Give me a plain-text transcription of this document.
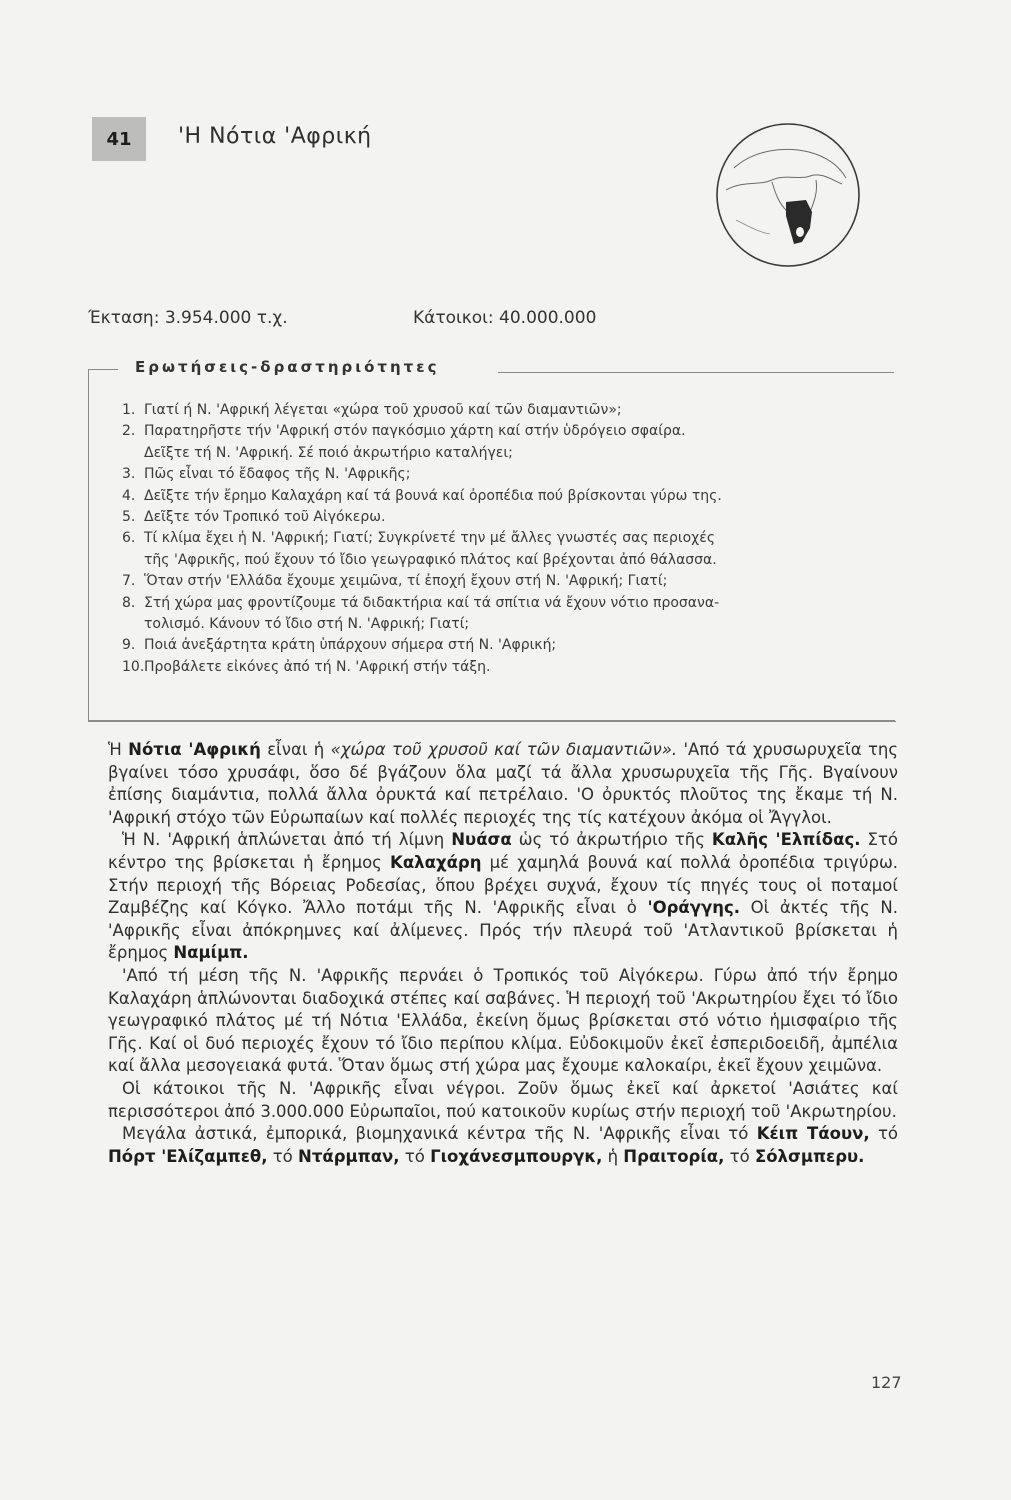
41	'Η Νότια 'Αφρική
Έκταση: 3.954.000 τ.χ.	Κάτοικοι: 40.000.000
Ερωτήσεις-δραστηριότητες
1. Γιατί ή Ν. 'Αφρική λέγεται «χώρα τοῦ χρυσοῦ καί τῶν διαμαντιῶν»;
2. Παρατηρῆστε τήν 'Αφρική στόν παγκόσμιο χάρτη καί στήν ὑδρόγειο σφαίρα.
Δεῖξτε τή Ν. 'Αφρική. Σέ ποιό ἀκρωτήριο καταλήγει;
3. Πῶς εἶναι τό ἔδαφος τῆς Ν. 'Αφρικῆς;
4. Δεῖξτε τήν ἔρημο Καλαχάρη καί τά βουνά καί ὀροπέδια πού βρίσκονται γύρω της.
5. Δεῖξτε τόν Τροπικό τοῦ Αἰγόκερω.
6. Τί κλίμα ἔχει ἡ Ν. 'Αφρική; Γιατί; Συγκρίνετέ την μέ ἄλλες γνωστές σας περιοχές
τῆς 'Αφρικῆς, πού ἔχουν τό ἴδιο γεωγραφικό πλάτος καί βρέχονται ἀπό θάλασσα.
7. Ὅταν στήν 'Ελλάδα ἔχουμε χειμῶνα, τί ἐποχή ἔχουν στή Ν. 'Αφρική; Γιατί;
8. Στή χώρα μας φροντίζουμε τά διδακτήρια καί τά σπίτια νά ἔχουν νότιο προσανα-
τολισμό. Κάνουν τό ἴδιο στή Ν. 'Αφρική; Γιατί;
9. Ποιά ἀνεξάρτητα κράτη ὑπάρχουν σήμερα στή Ν. 'Αφρική;
10.Προβάλετε εἰκόνες ἀπό τή Ν. 'Αφρική στήν τάξη.

Ἡ Νότια 'Αφρική εἶναι ἡ «χώρα τοῦ χρυσοῦ καί τῶν διαμαντιῶν». 'Από τά χρυσωρυχεῖα της βγαίνει τόσο χρυσάφι, ὅσο δέ βγάζουν ὅλα μαζί τά ἄλλα χρυσωρυχεῖα τῆς Γῆς. Βγαίνουν ἐπίσης διαμάντια, πολλά ἄλλα ὀρυκτά καί πετρέλαιο. 'Ο ὀρυκτός πλοῦτος της ἔκαμε τή Ν. 'Αφρική στόχο τῶν Εὐρωπαίων καί πολλές περιοχές της τίς κατέχουν ἀκόμα οἱ Ἄγγλοι.

Ἡ Ν. 'Αφρική ἁπλώνεται ἀπό τή λίμνη Νυάσα ὡς τό ἀκρωτήριο τῆς Καλῆς 'Ελπίδας. Στό κέντρο της βρίσκεται ἡ ἔρημος Καλαχάρη μέ χαμηλά βουνά καί πολλά ὀροπέδια τριγύρω. Στήν περιοχή τῆς Βόρειας Ροδεσίας, ὅπου βρέχει συχνά, ἔχουν τίς πηγές τους οἱ ποταμοί Ζαμβέζης καί Κόγκο. Ἄλλο ποτάμι τῆς Ν. 'Αφρικῆς εἶναι ὁ 'Οράγγης. Οἱ ἀκτές τῆς Ν. 'Αφρικῆς εἶναι ἀπόκρημνες καί ἀλίμενες. Πρός τήν πλευρά τοῦ 'Ατλαντικοῦ βρίσκεται ἡ ἔρημος Ναμίμπ.

'Από τή μέση τῆς Ν. 'Αφρικῆς περνάει ὁ Τροπικός τοῦ Αἰγόκερω. Γύρω ἀπό τήν ἔρημο Καλαχάρη ἁπλώνονται διαδοχικά στέπες καί σαβάνες. Ἡ περιοχή τοῦ 'Ακρωτηρίου ἔχει τό ἴδιο γεωγραφικό πλάτος μέ τή Νότια 'Ελλάδα, ἐκείνη ὅμως βρίσκεται στό νότιο ἡμισφαίριο τῆς Γῆς. Καί οἱ δυό περιοχές ἔχουν τό ἴδιο περίπου κλίμα. Εὐδοκιμοῦν ἐκεῖ ἐσπεριδοειδῆ, ἀμπέλια καί ἄλλα μεσογειακά φυτά. Ὅταν ὅμως στή χώρα μας ἔχουμε καλοκαίρι, ἐκεῖ ἔχουν χειμῶνα.

Οἱ κάτοικοι τῆς Ν. 'Αφρικῆς εἶναι νέγροι. Ζοῦν ὅμως ἐκεῖ καί ἀρκετοί 'Ασιάτες καί περισσότεροι ἀπό 3.000.000 Εὐρωπαῖοι, πού κατοικοῦν κυρίως στήν περιοχή τοῦ 'Ακρωτηρίου.

Μεγάλα ἀστικά, ἐμπορικά, βιομηχανικά κέντρα τῆς Ν. 'Αφρικῆς εἶναι τό Κέιπ Τάουν, τό Πόρτ 'Ελίζαμπεθ, τό Ντάρμπαν, τό Γιοχάνεσμπουργκ, ἡ Πραιτορία, τό Σόλσμπερυ.

127
